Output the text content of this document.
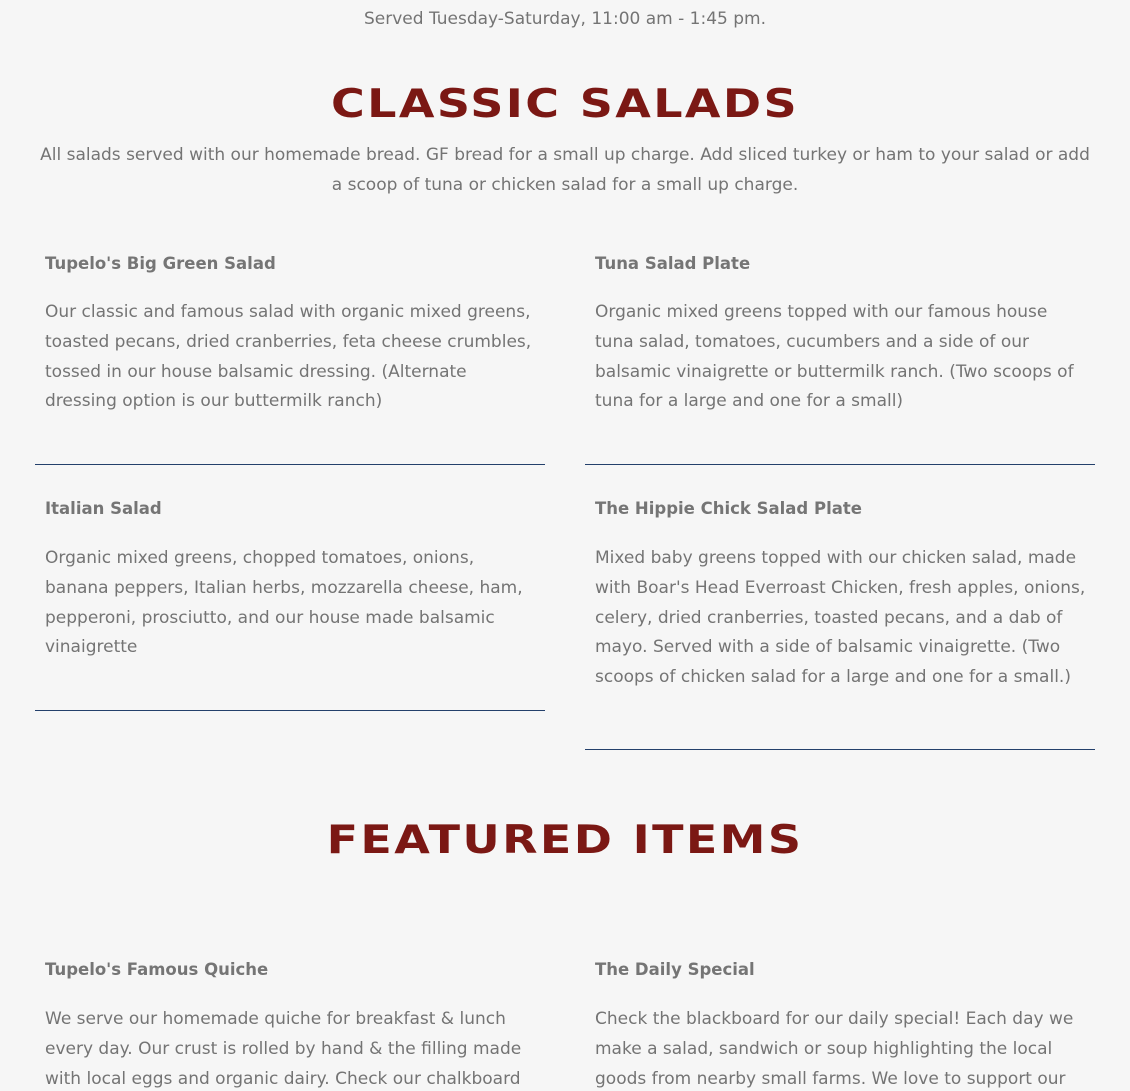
Served Tuesday-Saturday, 11:00 am - 1:45 pm.
CLASSIC SALADS
All salads served with our homemade bread. GF bread for a small up charge. Add sliced turkey or ham to your salad or add a scoop of tuna or chicken salad for a small up charge.
Tupelo's Big Green Salad
Our classic and famous salad with organic mixed greens, toasted pecans, dried cranberries, feta cheese crumbles, tossed in our house balsamic dressing. (Alternate dressing option is our buttermilk ranch)
Tuna Salad Plate
Organic mixed greens topped with our famous house tuna salad, tomatoes, cucumbers and a side of our balsamic vinaigrette or buttermilk ranch. (Two scoops of tuna for a large and one for a small)
Italian Salad
Organic mixed greens, chopped tomatoes, onions, banana peppers, Italian herbs, mozzarella cheese, ham, pepperoni, prosciutto, and our house made balsamic vinaigrette
The Hippie Chick Salad Plate
Mixed baby greens topped with our chicken salad, made with Boar's Head Everroast Chicken, fresh apples, onions, celery, dried cranberries, toasted pecans, and a dab of mayo. Served with a side of balsamic vinaigrette. (Two scoops of chicken salad for a large and one for a small.)
FEATURED ITEMS
Tupelo's Famous Quiche
We serve our homemade quiche for breakfast & lunch every day. Our crust is rolled by hand & the filling made with local eggs and organic dairy. Check our chalkboard
The Daily Special
Check the blackboard for our daily special! Each day we make a salad, sandwich or soup highlighting the local goods from nearby small farms. We love to support our
